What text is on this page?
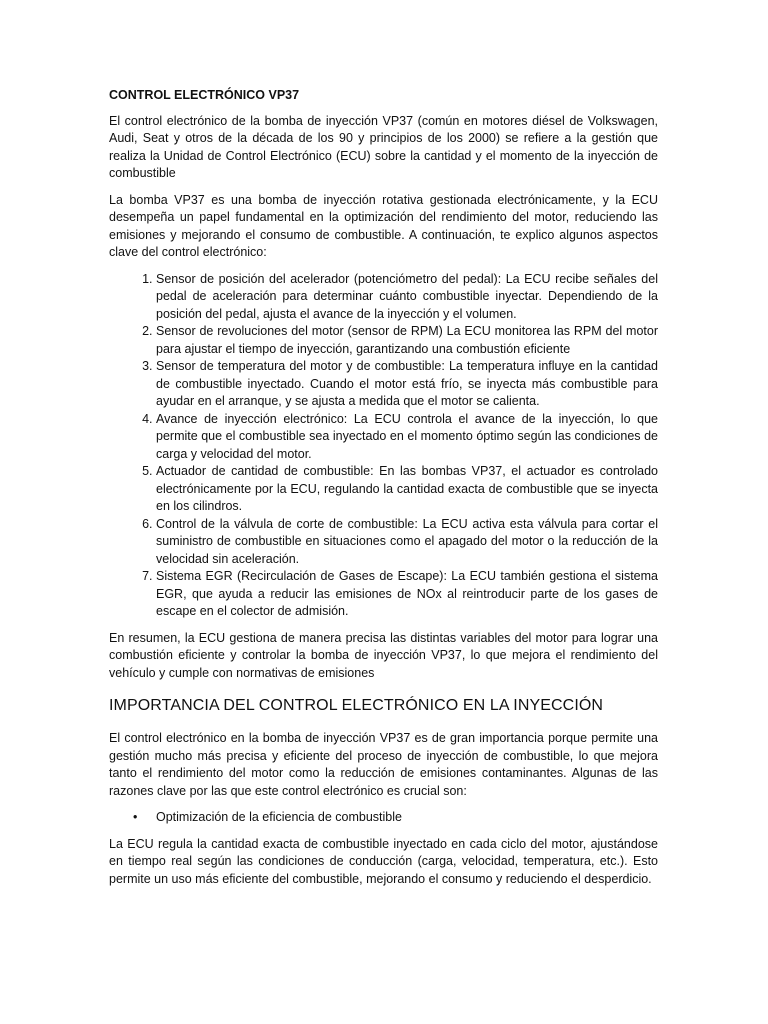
CONTROL ELECTRÓNICO VP37

El control electrónico de la bomba de inyección VP37 (común en motores diésel de Volkswagen, Audi, Seat y otros de la década de los 90 y principios de los 2000) se refiere a la gestión que realiza la Unidad de Control Electrónico (ECU) sobre la cantidad y el momento de la inyección de combustible

La bomba VP37 es una bomba de inyección rotativa gestionada electrónicamente, y la ECU desempeña un papel fundamental en la optimización del rendimiento del motor, reduciendo las emisiones y mejorando el consumo de combustible. A continuación, te explico algunos aspectos clave del control electrónico:

1. Sensor de posición del acelerador (potenciómetro del pedal): La ECU recibe señales del pedal de aceleración para determinar cuánto combustible inyectar. Dependiendo de la posición del pedal, ajusta el avance de la inyección y el volumen.
2. Sensor de revoluciones del motor (sensor de RPM) La ECU monitorea las RPM del motor para ajustar el tiempo de inyección, garantizando una combustión eficiente
3. Sensor de temperatura del motor y de combustible: La temperatura influye en la cantidad de combustible inyectado. Cuando el motor está frío, se inyecta más combustible para ayudar en el arranque, y se ajusta a medida que el motor se calienta.
4. Avance de inyección electrónico: La ECU controla el avance de la inyección, lo que permite que el combustible sea inyectado en el momento óptimo según las condiciones de carga y velocidad del motor.
5. Actuador de cantidad de combustible: En las bombas VP37, el actuador es controlado electrónicamente por la ECU, regulando la cantidad exacta de combustible que se inyecta en los cilindros.
6. Control de la válvula de corte de combustible: La ECU activa esta válvula para cortar el suministro de combustible en situaciones como el apagado del motor o la reducción de la velocidad sin aceleración.
7. Sistema EGR (Recirculación de Gases de Escape): La ECU también gestiona el sistema EGR, que ayuda a reducir las emisiones de NOx al reintroducir parte de los gases de escape en el colector de admisión.

En resumen, la ECU gestiona de manera precisa las distintas variables del motor para lograr una combustión eficiente y controlar la bomba de inyección VP37, lo que mejora el rendimiento del vehículo y cumple con normativas de emisiones

IMPORTANCIA DEL CONTROL ELECTRÓNICO EN LA INYECCIÓN

El control electrónico en la bomba de inyección VP37 es de gran importancia porque permite una gestión mucho más precisa y eficiente del proceso de inyección de combustible, lo que mejora tanto el rendimiento del motor como la reducción de emisiones contaminantes. Algunas de las razones clave por las que este control electrónico es crucial son:

• Optimización de la eficiencia de combustible

La ECU regula la cantidad exacta de combustible inyectado en cada ciclo del motor, ajustándose en tiempo real según las condiciones de conducción (carga, velocidad, temperatura, etc.). Esto permite un uso más eficiente del combustible, mejorando el consumo y reduciendo el desperdicio.
